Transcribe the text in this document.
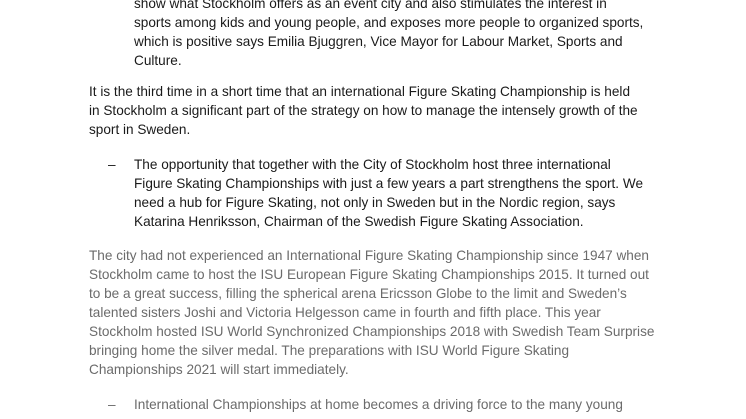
show what Stockholm offers as an event city and also stimulates the interest in
sports among kids and young people, and exposes more people to organized sports,
which is positive says Emilia Bjuggren, Vice Mayor for Labour Market, Sports and
Culture.
It is the third time in a short time that an international Figure Skating Championship is held
in Stockholm a significant part of the strategy on how to manage the intensely growth of the
sport in Sweden.
– The opportunity that together with the City of Stockholm host three international
Figure Skating Championships with just a few years a part strengthens the sport. We
need a hub for Figure Skating, not only in Sweden but in the Nordic region, says
Katarina Henriksson, Chairman of the Swedish Figure Skating Association.
The city had not experienced an International Figure Skating Championship since 1947 when
Stockholm came to host the ISU European Figure Skating Championships 2015. It turned out
to be a great success, filling the spherical arena Ericsson Globe to the limit and Sweden’s
talented sisters Joshi and Victoria Helgesson came in fourth and fifth place. This year
Stockholm hosted ISU World Synchronized Championships 2018 with Swedish Team Surprise
bringing home the silver medal. The preparations with ISU World Figure Skating
Championships 2021 will start immediately.
– International Championships at home becomes a driving force to the many young
